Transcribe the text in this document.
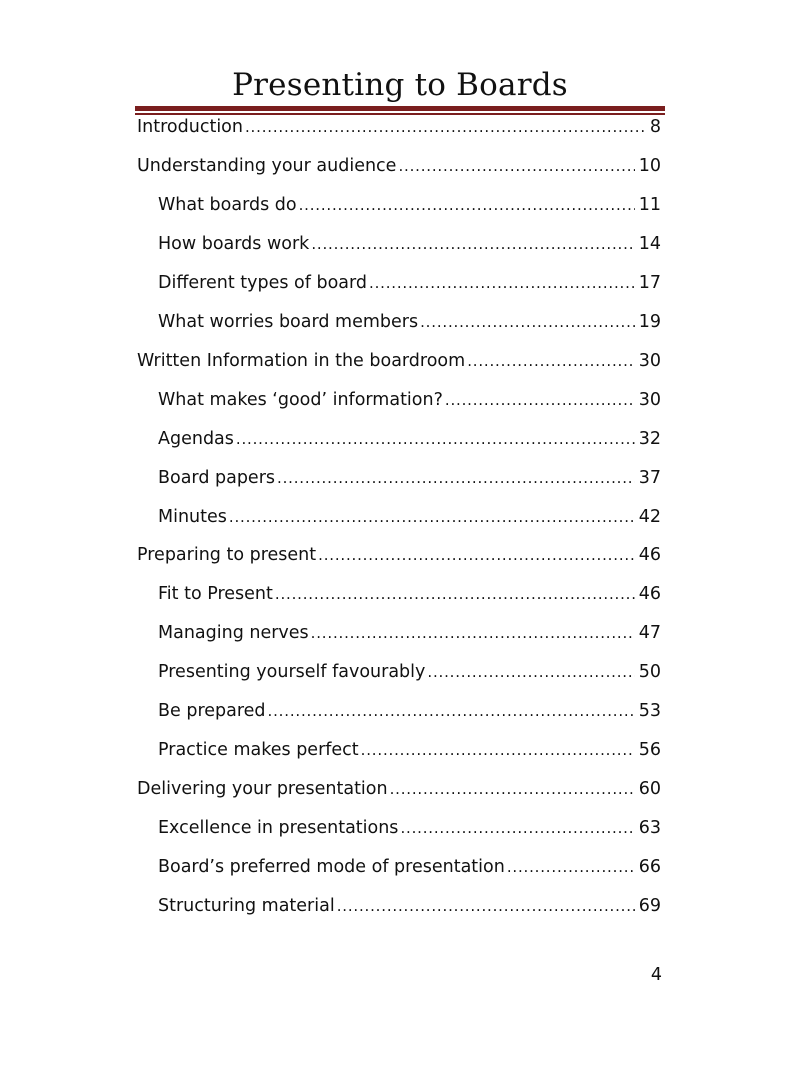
Presenting to Boards
Introduction .....	8
Understanding your audience .....	10
What boards do .....	11
How boards work .....	14
Different types of board .....	17
What worries board members .....	19
Written Information in the boardroom .....	30
What makes ‘good’ information? .....	30
Agendas .....	32
Board papers .....	37
Minutes .....	42
Preparing to present .....	46
Fit to Present .....	46
Managing nerves .....	47
Presenting yourself favourably .....	50
Be prepared .....	53
Practice makes perfect .....	56
Delivering your presentation .....	60
Excellence in presentations .....	63
Board’s preferred mode of presentation .....	66
Structuring material .....	69
4
